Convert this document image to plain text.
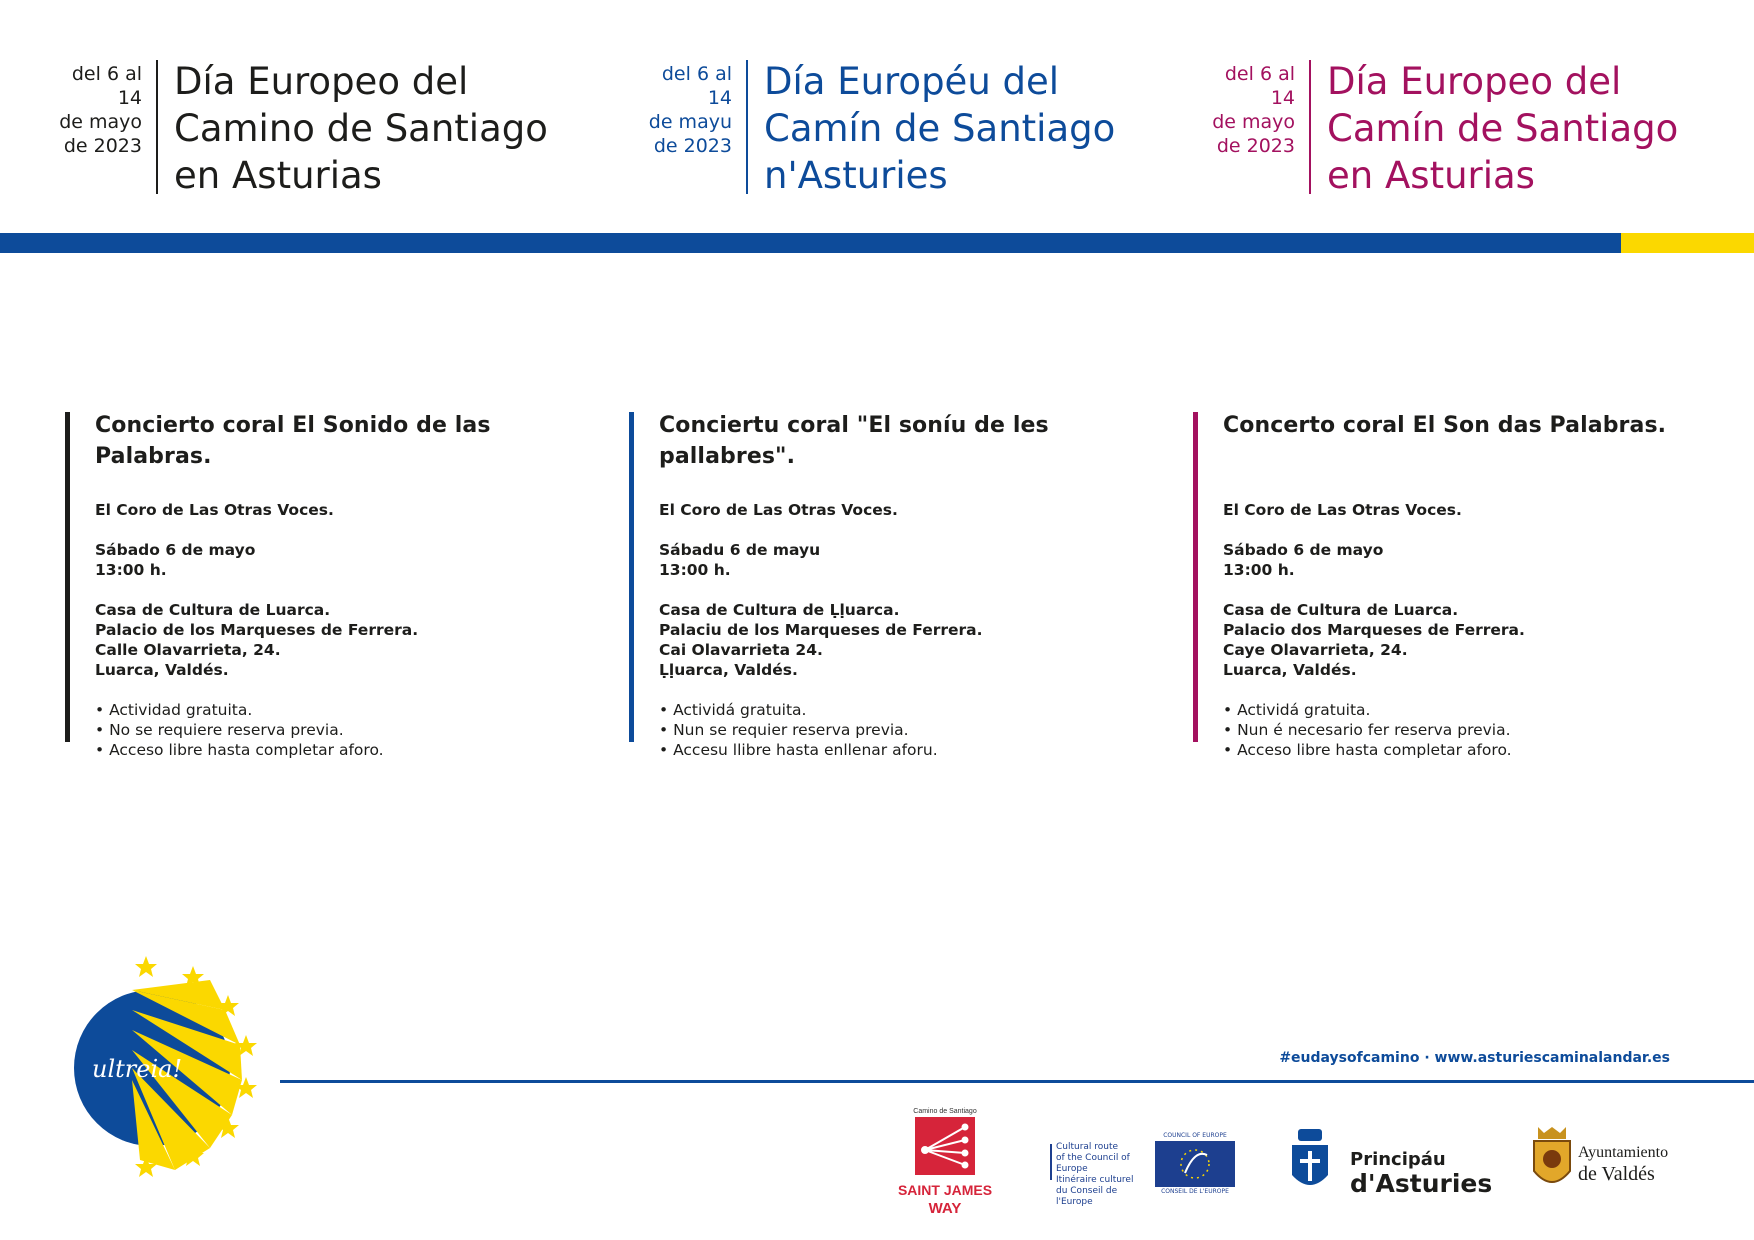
del 6 al 14
de mayo
de 2023
Día Europeo del
Camino de Santiago
en Asturias
del 6 al 14
de mayu
de 2023
Día Européu del
Camín de Santiago
n'Asturies
del 6 al 14
de mayo
de 2023
Día Europeo del
Camín de Santiago
en Asturias
Concierto coral El Sonido de las
Palabras.

El Coro de Las Otras Voces.

Sábado 6 de mayo

13:00 h.

Casa de Cultura de Luarca.

Palacio de los Marqueses de Ferrera.

Calle Olavarrieta, 24.

Luarca, Valdés.

• Actividad gratuita.

• No se requiere reserva previa.

• Acceso libre hasta completar aforo.

Conciertu coral "El soníu de les
pallabres".

El Coro de Las Otras Voces.

Sábadu 6 de mayu

13:00 h.

Casa de Cultura de Ḷḷuarca.

Palaciu de los Marqueses de Ferrera.

Cai Olavarrieta 24.

Ḷḷuarca, Valdés.

• Actividá gratuita.

• Nun se requier reserva previa.

• Accesu llibre hasta enllenar aforu.

Concerto coral El Son das Palabras.

El Coro de Las Otras Voces.

Sábado 6 de mayo

13:00 h.

Casa de Cultura de Luarca.

Palacio dos Marqueses de Ferrera.

Caye Olavarrieta, 24.

Luarca, Valdés.

• Actividá gratuita.

• Nun é necesario fer reserva previa.

• Acceso libre hasta completar aforo.

#eudaysofcamino · www.asturiescaminalandar.es
ultreia!
Camino de Santiago
SAINT JAMES
WAY
Cultural route
of the Council of Europe
Itinéraire culturel
du Conseil de l'Europe
COUNCIL OF EUROPE
CONSEIL DE L'EUROPE
Principáu
d'Asturies
Ayuntamiento
de Valdés
